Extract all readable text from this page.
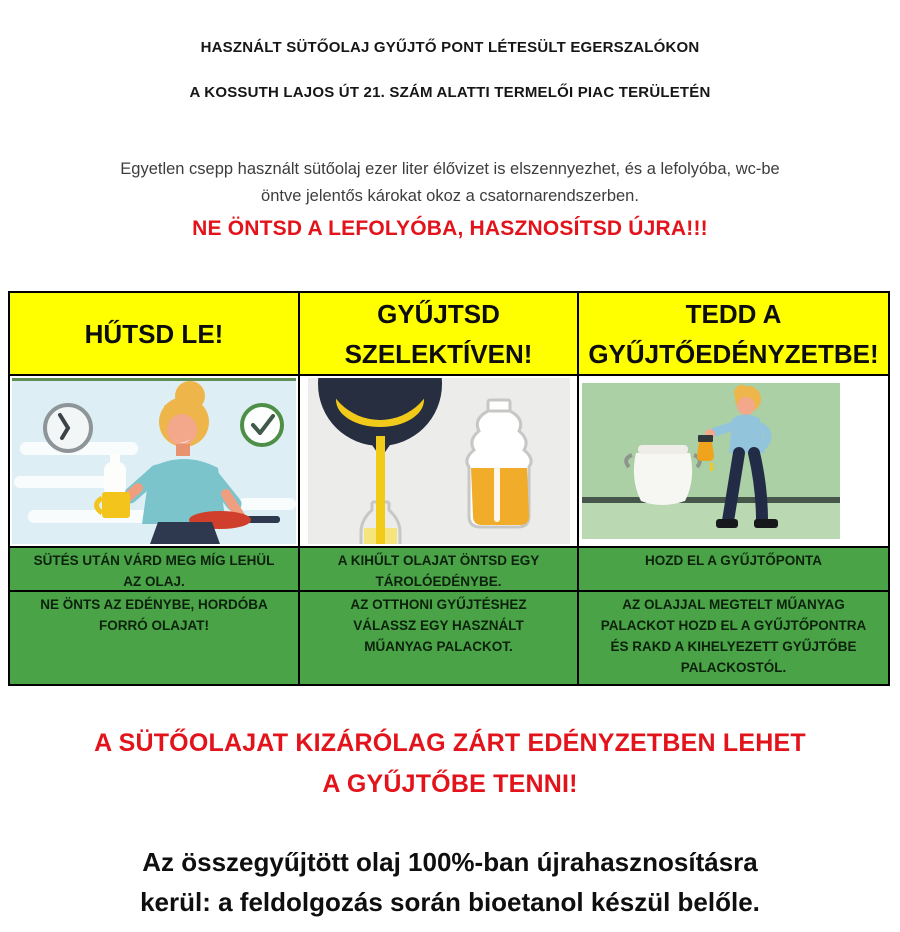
HASZNÁLT SÜTŐOLAJ GYŰJTŐ PONT LÉTESÜLT EGERSZALÓKON
A KOSSUTH LAJOS ÚT 21. SZÁM ALATTI TERMELŐI PIAC TERÜLETÉN
Egyetlen csepp használt sütőolaj ezer liter élővizet is elszennyezhet, és a lefolyóba, wc-be
öntve jelentős károkat okoz a csatornarendszerben.
NE ÖNTSD A LEFOLYÓBA, HASZNOSÍTSD ÚJRA!!!
HŰTSD LE!
GYŰJTSD SZELEKTÍVEN!
TEDD A GYŰJTŐEDÉNYZETBE!
SÜTÉS UTÁN VÁRD MEG MÍG LEHÜL AZ OLAJ.
A KIHŰLT OLAJAT ÖNTSD EGY TÁROLÓEDÉNYBE.
HOZD EL A GYŰJTŐPONTA
NE ÖNTS AZ EDÉNYBE, HORDÓBA FORRÓ OLAJAT!
AZ OTTHONI GYŰJTÉSHEZ VÁLASSZ EGY HASZNÁLT MŰANYAG PALACKOT.
AZ OLAJJAL MEGTELT MŰANYAG PALACKOT HOZD EL A GYŰJTŐPONTRA ÉS RAKD A KIHELYEZETT GYŰJTŐBE PALACKOSTÓL.
A SÜTŐOLAJAT KIZÁRÓLAG ZÁRT EDÉNYZETBEN LEHET
A GYŰJTŐBE TENNI!
Az összegyűjtött olaj 100%-ban újrahasznosításra
kerül: a feldolgozás során bioetanol készül belőle.
